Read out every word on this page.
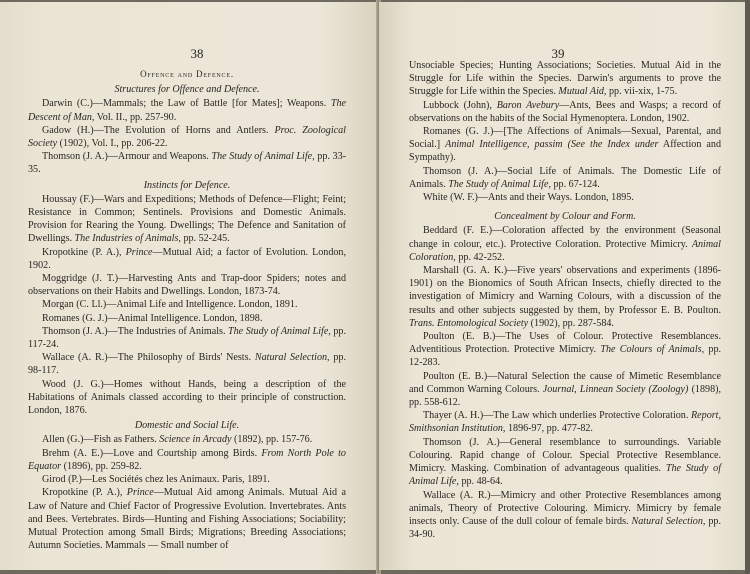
38
Offence and Defence.
Structures for Offence and Defence.

Darwin (C.)—Mammals; the Law of Battle [for Mates]; Weapons. The Descent of Man, Vol. II., pp. 257-90.

Gadow (H.)—The Evolution of Horns and Antlers. Proc. Zoological Society (1902), Vol. I., pp. 206-22.

Thomson (J. A.)—Armour and Weapons. The Study of Animal Life, pp. 33-35.

Instincts for Defence.

Houssay (F.)—Wars and Expeditions; Methods of Defence—Flight; Feint; Resistance in Common; Sentinels. Provisions and Domestic Animals. Provision for Rearing the Young. Dwellings; The Defence and Sanitation of Dwellings. The Industries of Animals, pp. 52-245.

Kropotkine (P. A.), Prince—Mutual Aid; a factor of Evolution. London, 1902.

Moggridge (J. T.)—Harvesting Ants and Trap-door Spiders; notes and observations on their Habits and Dwellings. London, 1873-74.

Morgan (C. Ll.)—Animal Life and Intelligence. London, 1891.

Romanes (G. J.)—Animal Intelligence. London, 1898.

Thomson (J. A.)—The Industries of Animals. The Study of Animal Life, pp. 117-24.

Wallace (A. R.)—The Philosophy of Birds' Nests. Natural Selection, pp. 98-117.

Wood (J. G.)—Homes without Hands, being a description of the Habitations of Animals classed according to their principle of construction. London, 1876.

Domestic and Social Life.

Allen (G.)—Fish as Fathers. Science in Arcady (1892), pp. 157-76.

Brehm (A. E.)—Love and Courtship among Birds. From North Pole to Equator (1896), pp. 259-82.

Girod (P.)—Les Sociétés chez les Animaux. Paris, 1891.

Kropotkine (P. A.), Prince—Mutual Aid among Animals. Mutual Aid a Law of Nature and Chief Factor of Progressive Evolution. Invertebrates. Ants and Bees. Vertebrates. Birds—Hunting and Fishing Associations; Sociability; Mutual Protection among Small Birds; Migrations; Breeding Associations; Autumn Societies. Mammals — Small number of

39

Unsociable Species; Hunting Associations; Societies. Mutual Aid in the Struggle for Life within the Species. Darwin's arguments to prove the Struggle for Life within the Species. Mutual Aid, pp. vii-xix, 1-75.

Lubbock (John), Baron Avebury—Ants, Bees and Wasps; a record of observations on the habits of the Social Hymenoptera. London, 1902.

Romanes (G. J.)—[The Affections of Animals—Sexual, Parental, and Social.] Animal Intelligence, passim (See the Index under Affection and Sympathy).

Thomson (J. A.)—Social Life of Animals. The Domestic Life of Animals. The Study of Animal Life, pp. 67-124.

White (W. F.)—Ants and their Ways. London, 1895.

Concealment by Colour and Form.

Beddard (F. E.)—Coloration affected by the environment (Seasonal change in colour, etc.). Protective Coloration. Protective Mimicry. Animal Coloration, pp. 42-252.

Marshall (G. A. K.)—Five years' observations and experiments (1896-1901) on the Bionomics of South African Insects, chiefly directed to the investigation of Mimicry and Warning Colours, with a discussion of the results and other subjects suggested by them, by Professor E. B. Poulton. Trans. Entomological Society (1902), pp. 287-584.

Poulton (E. B.)—The Uses of Colour. Protective Resemblances. Adventitious Protection. Protective Mimicry. The Colours of Animals, pp. 12-283.

Poulton (E. B.)—Natural Selection the cause of Mimetic Resemblance and Common Warning Colours. Journal, Linnean Society (Zoology) (1898), pp. 558-612.

Thayer (A. H.)—The Law which underlies Protective Coloration. Report, Smithsonian Institution, 1896-97, pp. 477-82.

Thomson (J. A.)—General resemblance to surroundings. Variable Colouring. Rapid change of Colour. Special Protective Resemblance. Mimicry. Masking. Combination of advantageous qualities. The Study of Animal Life, pp. 48-64.

Wallace (A. R.)—Mimicry and other Protective Resemblances among animals, Theory of Protective Colouring. Mimicry. Mimicry by female insects only. Cause of the dull colour of female birds. Natural Selection, pp. 34-90.
